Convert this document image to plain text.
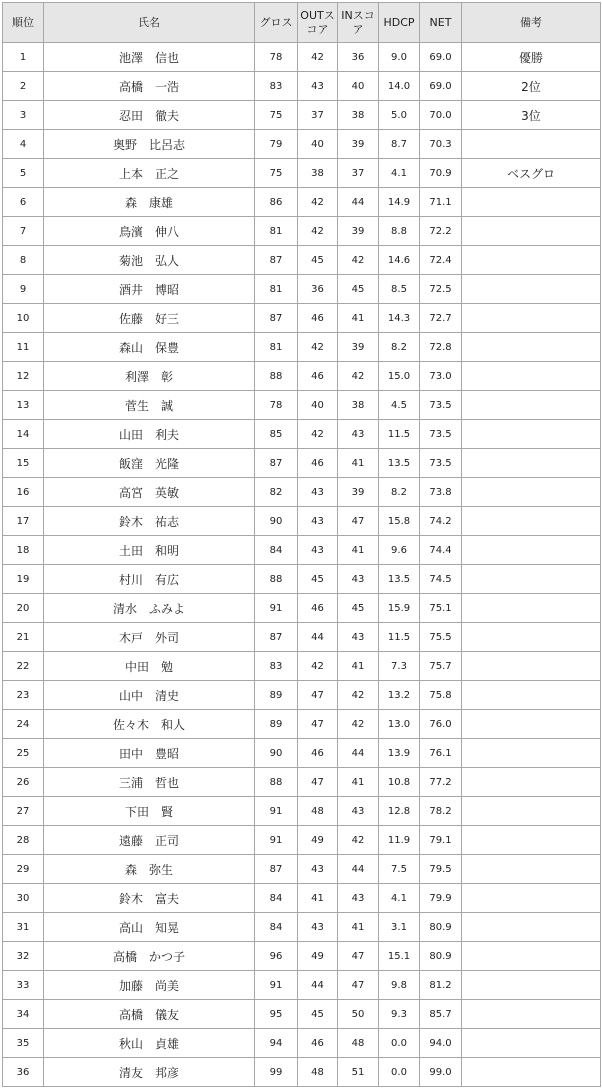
順位	氏名	グロス	OUTスコア	INスコア	HDCP	NET	備考
1	池澤　信也	78	42	36	9.0	69.0	優勝
2	高橋　一浩	83	43	40	14.0	69.0	2位
3	忍田　徹夫	75	37	38	5.0	70.0	3位
4	奥野　比呂志	79	40	39	8.7	70.3	
5	上本　正之	75	38	37	4.1	70.9	ベスグロ
6	森　康雄	86	42	44	14.9	71.1	
7	鳥濱　伸八	81	42	39	8.8	72.2	
8	菊池　弘人	87	45	42	14.6	72.4	
9	酒井　博昭	81	36	45	8.5	72.5	
10	佐藤　好三	87	46	41	14.3	72.7	
11	森山　保豊	81	42	39	8.2	72.8	
12	利澤　彰	88	46	42	15.0	73.0	
13	菅生　誠	78	40	38	4.5	73.5	
14	山田　利夫	85	42	43	11.5	73.5	
15	飯窪　光隆	87	46	41	13.5	73.5	
16	高宮　英敏	82	43	39	8.2	73.8	
17	鈴木　祐志	90	43	47	15.8	74.2	
18	土田　和明	84	43	41	9.6	74.4	
19	村川　有広	88	45	43	13.5	74.5	
20	清水　ふみよ	91	46	45	15.9	75.1	
21	木戸　外司	87	44	43	11.5	75.5	
22	中田　勉	83	42	41	7.3	75.7	
23	山中　清史	89	47	42	13.2	75.8	
24	佐々木　和人	89	47	42	13.0	76.0	
25	田中　豊昭	90	46	44	13.9	76.1	
26	三浦　哲也	88	47	41	10.8	77.2	
27	下田　賢	91	48	43	12.8	78.2	
28	遠藤　正司	91	49	42	11.9	79.1	
29	森　弥生	87	43	44	7.5	79.5	
30	鈴木　富夫	84	41	43	4.1	79.9	
31	高山　知晃	84	43	41	3.1	80.9	
32	高橋　かつ子	96	49	47	15.1	80.9	
33	加藤　尚美	91	44	47	9.8	81.2	
34	高橋　儀友	95	45	50	9.3	85.7	
35	秋山　貞雄	94	46	48	0.0	94.0	
36	清友　邦彦	99	48	51	0.0	99.0	
